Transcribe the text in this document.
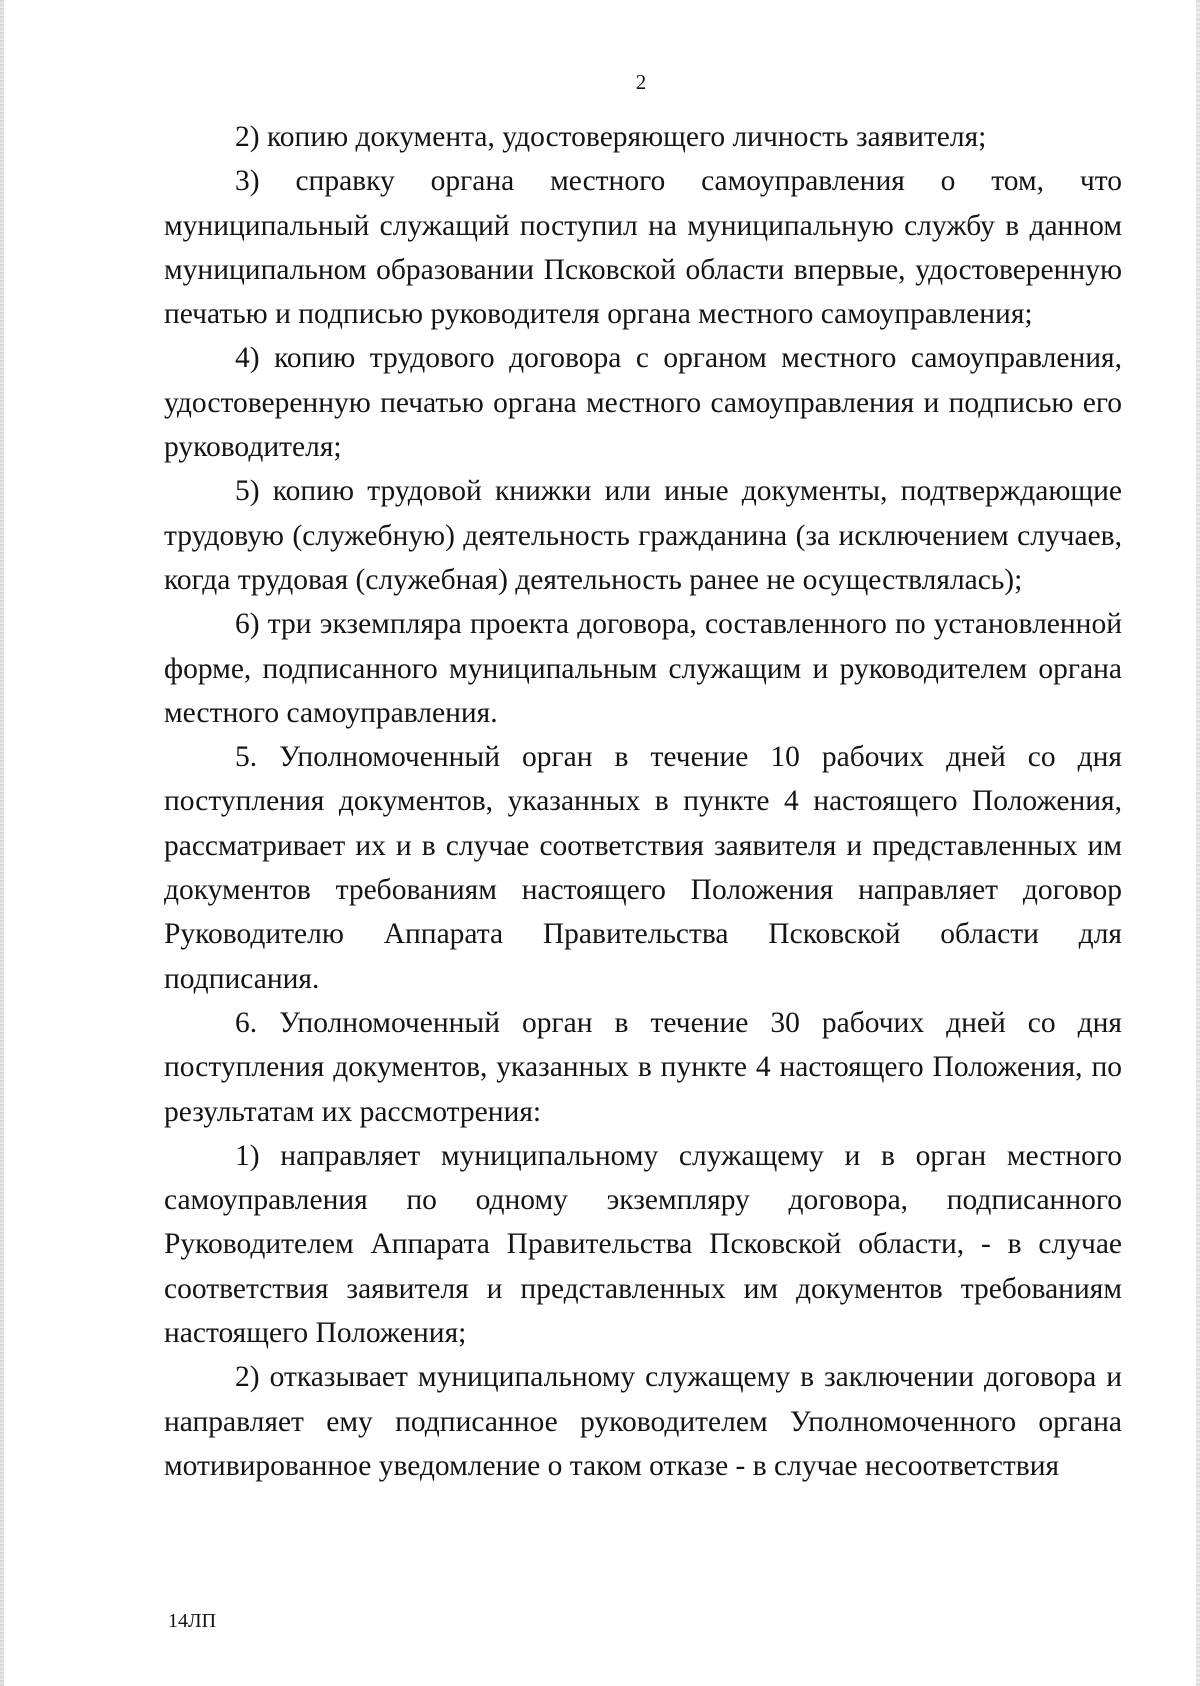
2

2) копию документа, удостоверяющего личность заявителя;

3) справку органа местного самоуправления о том, что муниципальный служащий поступил на муниципальную службу в данном муниципальном образовании Псковской области впервые, удостоверенную печатью и подписью руководителя органа местного самоуправления;

4) копию трудового договора с органом местного самоуправления, удостоверенную печатью органа местного самоуправления и подписью его руководителя;

5) копию трудовой книжки или иные документы, подтверждающие трудовую (служебную) деятельность гражданина (за исключением случаев, когда трудовая (служебная) деятельность ранее не осуществлялась);

6) три экземпляра проекта договора, составленного по установленной форме, подписанного муниципальным служащим и руководителем органа местного самоуправления.

5. Уполномоченный орган в течение 10 рабочих дней со дня поступления документов, указанных в пункте 4 настоящего Положения, рассматривает их и в случае соответствия заявителя и представленных им документов требованиям настоящего Положения направляет договор Руководителю Аппарата Правительства Псковской области для подписания.

6. Уполномоченный орган в течение 30 рабочих дней со дня поступления документов, указанных в пункте 4 настоящего Положения, по результатам их рассмотрения:

1) направляет муниципальному служащему и в орган местного самоуправления по одному экземпляру договора, подписанного Руководителем Аппарата Правительства Псковской области, - в случае соответствия заявителя и представленных им документов требованиям настоящего Положения;

2) отказывает муниципальному служащему в заключении договора и направляет ему подписанное руководителем Уполномоченного органа мотивированное уведомление о таком отказе - в случае несоответствия

14ЛП
